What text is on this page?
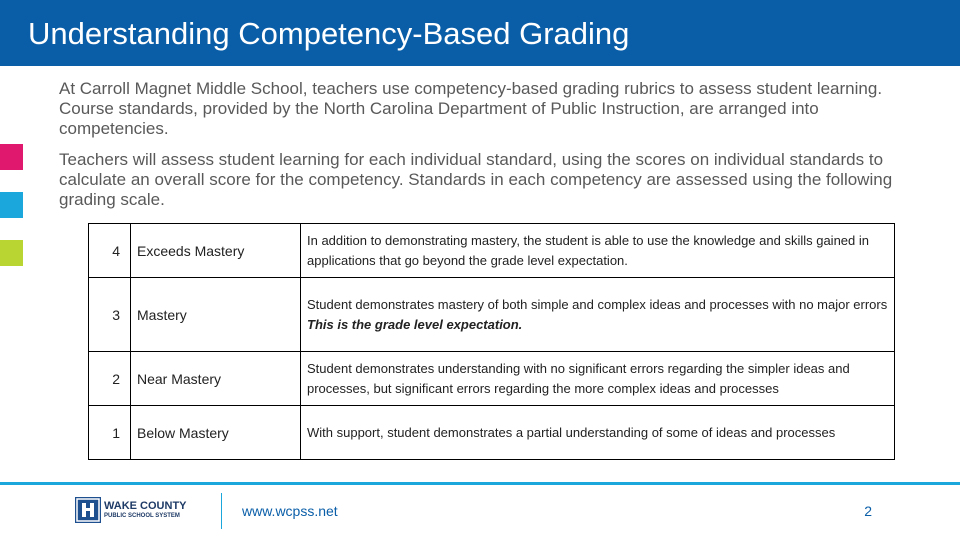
Understanding Competency-Based Grading

At Carroll Magnet Middle School, teachers use competency-based grading rubrics to assess student learning. Course standards, provided by the North Carolina Department of Public Instruction, are arranged into competencies.

Teachers will assess student learning for each individual standard, using the scores on individual standards to calculate an overall score for the competency. Standards in each competency are assessed using the following grading scale.

4	Exceeds Mastery	In addition to demonstrating mastery, the student is able to use the knowledge and skills gained in applications that go beyond the grade level expectation.
3	Mastery	Student demonstrates mastery of both simple and complex ideas and processes with no major errors
This is the grade level expectation.

2	Near Mastery	Student demonstrates understanding with no significant errors regarding the simpler ideas and processes, but significant errors regarding the more complex ideas and processes
1	Below Mastery	With support, student demonstrates a partial understanding of some of ideas and processes
WAKE COUNTY
PUBLIC SCHOOL SYSTEM	www.wcpss.net	2
